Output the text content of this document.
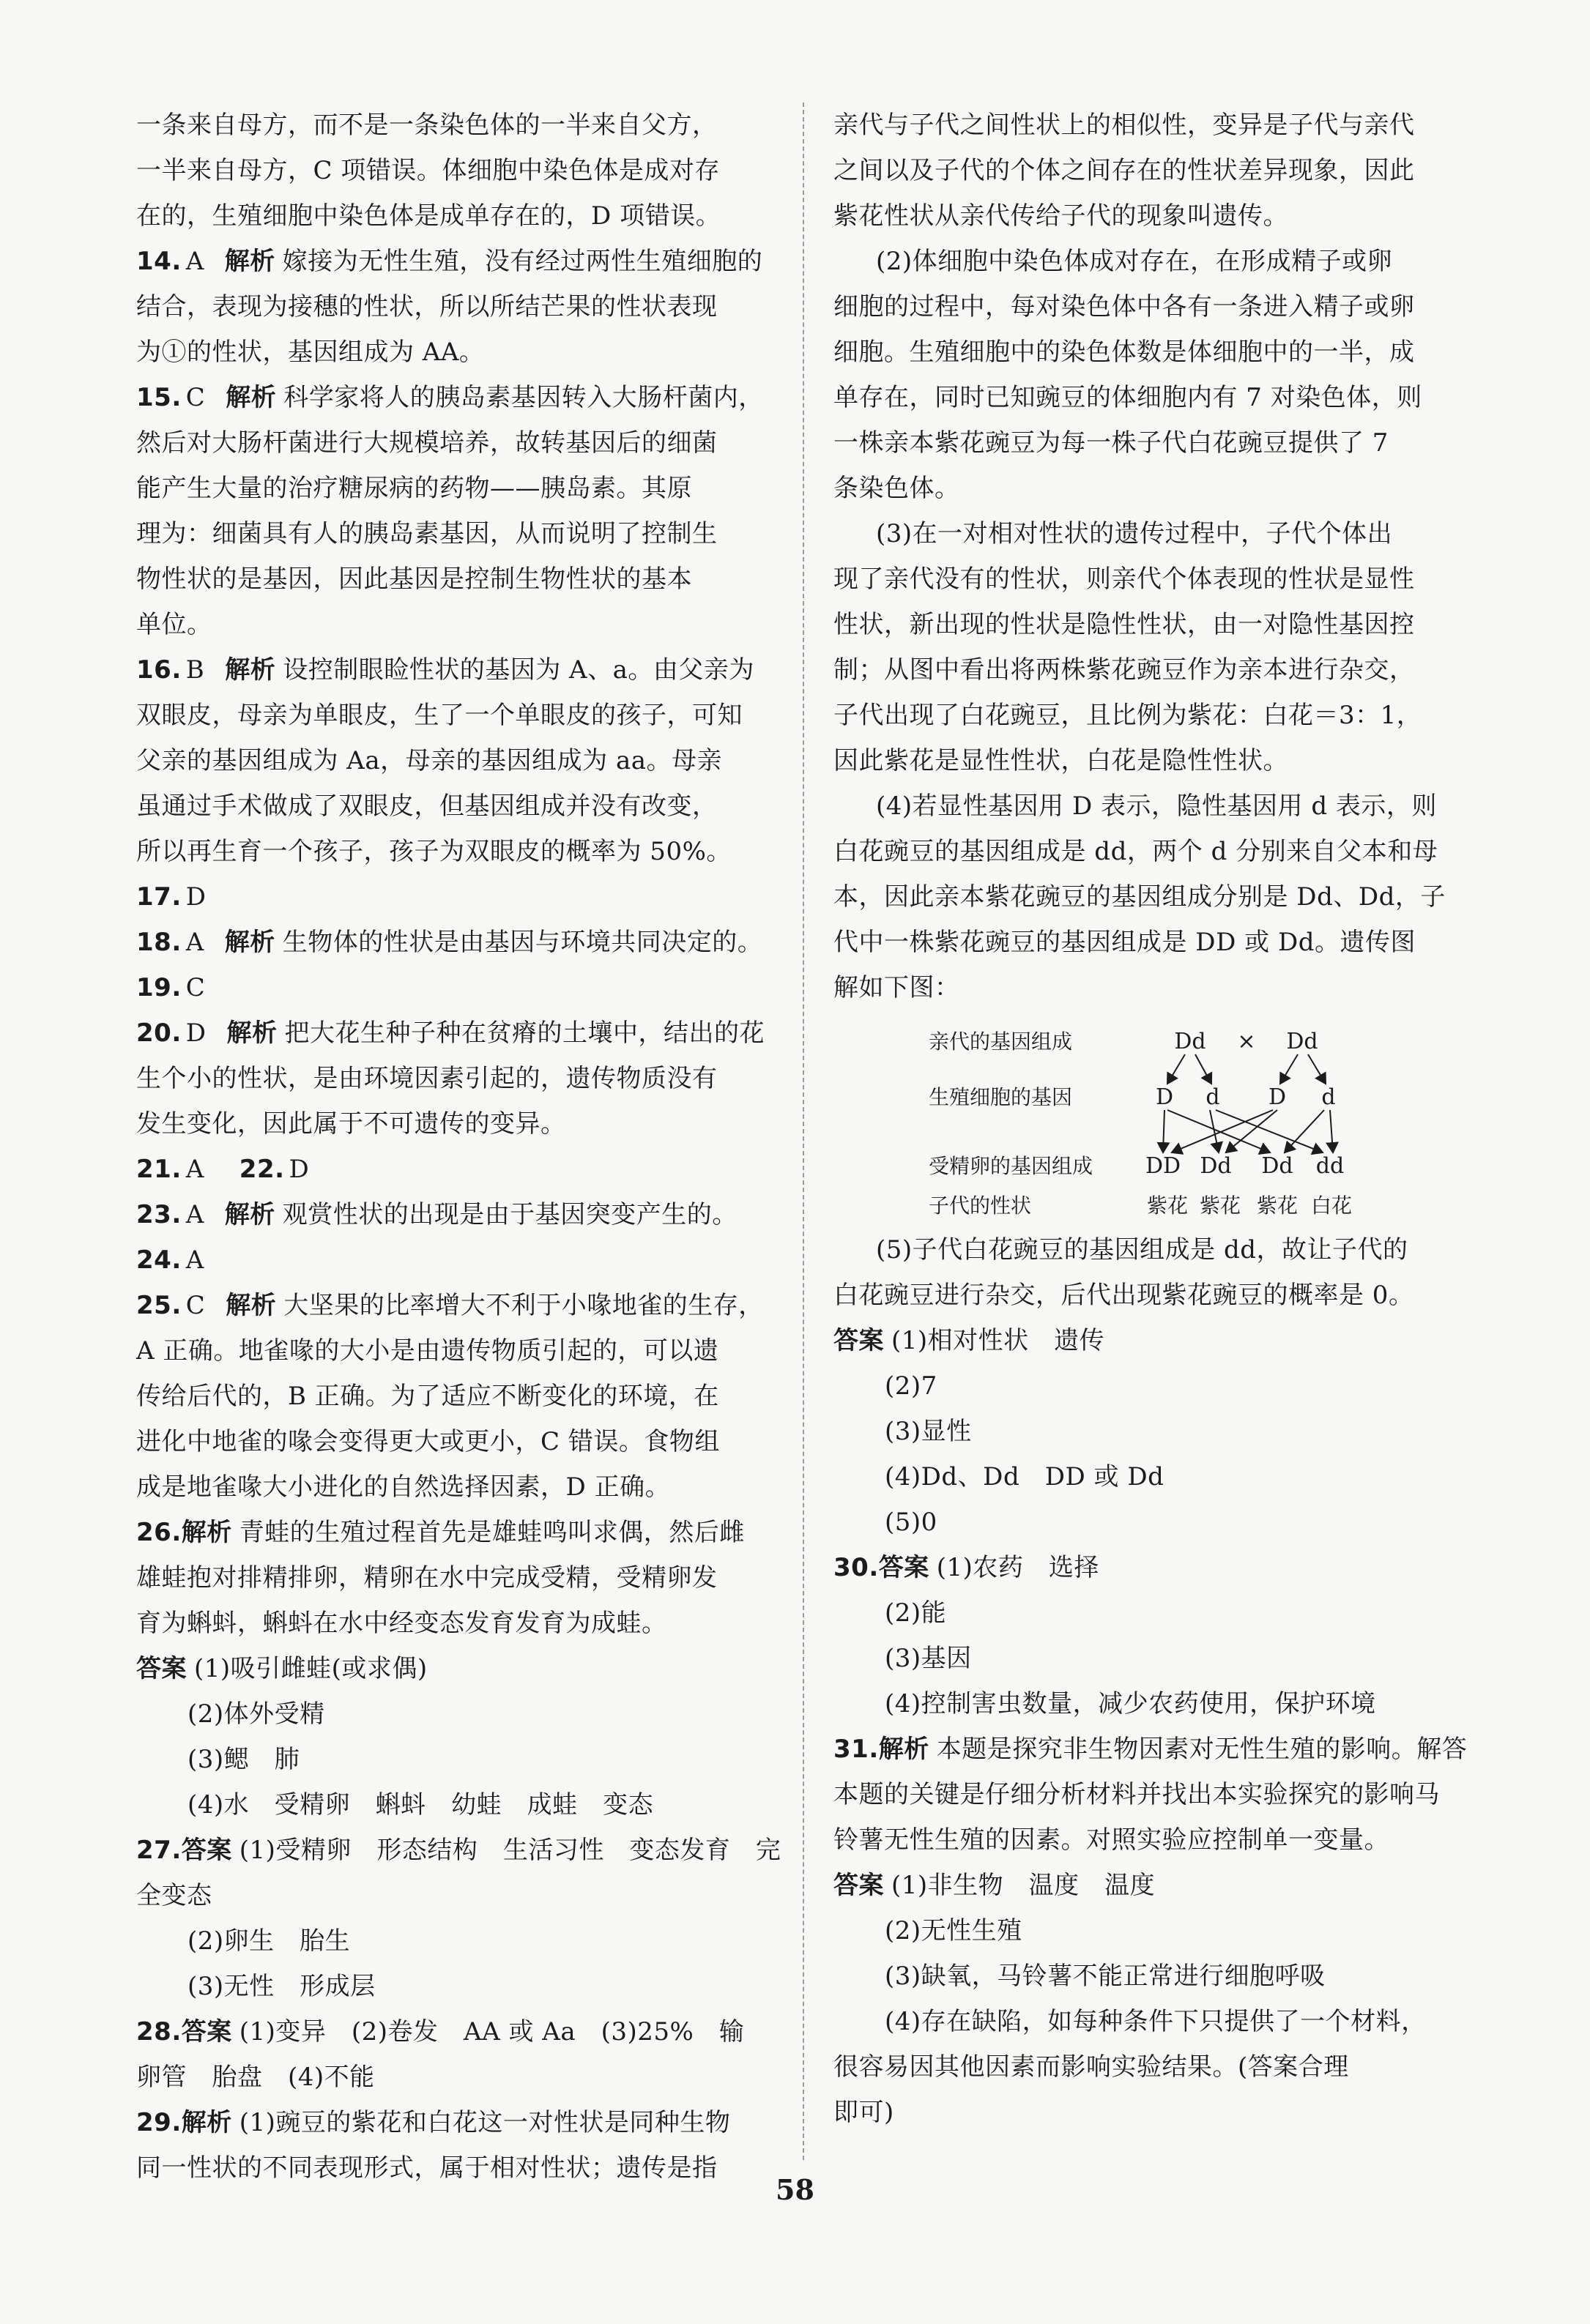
一条来自母方，而不是一条染色体的一半来自父方，
一半来自母方，C 项错误。体细胞中染色体是成对存
在的，生殖细胞中染色体是成单存在的，D 项错误。
14. A 解析 嫁接为无性生殖，没有经过两性生殖细胞的
结合，表现为接穗的性状，所以所结芒果的性状表现
为①的性状，基因组成为 AA。
15. C 解析 科学家将人的胰岛素基因转入大肠杆菌内，
然后对大肠杆菌进行大规模培养，故转基因后的细菌
能产生大量的治疗糖尿病的药物——胰岛素。其原
理为：细菌具有人的胰岛素基因，从而说明了控制生
物性状的是基因，因此基因是控制生物性状的基本
单位。
16. B 解析 设控制眼睑性状的基因为 A、a。由父亲为
双眼皮，母亲为单眼皮，生了一个单眼皮的孩子，可知
父亲的基因组成为 Aa，母亲的基因组成为 aa。母亲
虽通过手术做成了双眼皮，但基因组成并没有改变，
所以再生育一个孩子，孩子为双眼皮的概率为 50%。
17. D
18. A 解析 生物体的性状是由基因与环境共同决定的。
19. C
20. D 解析 把大花生种子种在贫瘠的土壤中，结出的花
生个小的性状，是由环境因素引起的，遗传物质没有
发生变化，因此属于不可遗传的变异。
21. A 22. D
23. A 解析 观赏性状的出现是由于基因突变产生的。
24. A
25. C 解析 大坚果的比率增大不利于小喙地雀的生存，
A 正确。地雀喙的大小是由遗传物质引起的，可以遗
传给后代的，B 正确。为了适应不断变化的环境，在
进化中地雀的喙会变得更大或更小，C 错误。食物组
成是地雀喙大小进化的自然选择因素，D 正确。
26.解析 青蛙的生殖过程首先是雄蛙鸣叫求偶，然后雌
雄蛙抱对排精排卵，精卵在水中完成受精，受精卵发
育为蝌蚪，蝌蚪在水中经变态发育发育为成蛙。
答案 (1)吸引雌蛙(或求偶)
(2)体外受精
(3)鳃　肺
(4)水　受精卵　蝌蚪　幼蛙　成蛙　变态
27.答案 (1)受精卵　形态结构　生活习性　变态发育　完
全变态
(2)卵生　胎生
(3)无性　形成层
28.答案 (1)变异　(2)卷发　AA 或 Aa　(3)25%　输
卵管　胎盘　(4)不能
29.解析 (1)豌豆的紫花和白花这一对性状是同种生物
同一性状的不同表现形式，属于相对性状；遗传是指
亲代与子代之间性状上的相似性，变异是子代与亲代
之间以及子代的个体之间存在的性状差异现象，因此
紫花性状从亲代传给子代的现象叫遗传。
(2)体细胞中染色体成对存在，在形成精子或卵
细胞的过程中，每对染色体中各有一条进入精子或卵
细胞。生殖细胞中的染色体数是体细胞中的一半，成
单存在，同时已知豌豆的体细胞内有 7 对染色体，则
一株亲本紫花豌豆为每一株子代白花豌豆提供了 7
条染色体。
(3)在一对相对性状的遗传过程中，子代个体出
现了亲代没有的性状，则亲代个体表现的性状是显性
性状，新出现的性状是隐性性状，由一对隐性基因控
制；从图中看出将两株紫花豌豆作为亲本进行杂交，
子代出现了白花豌豆，且比例为紫花：白花＝3：1，
因此紫花是显性性状，白花是隐性性状。
(4)若显性基因用 D 表示，隐性基因用 d 表示，则
白花豌豆的基因组成是 dd，两个 d 分别来自父本和母
本，因此亲本紫花豌豆的基因组成分别是 Dd、Dd，子
代中一株紫花豌豆的基因组成是 DD 或 Dd。遗传图
解如下图：
亲代的基因组成
生殖细胞的基因
受精卵的基因组成
子代的性状
Dd × Dd
D d D d
DD Dd Dd dd
紫花 紫花 紫花 白花
(5)子代白花豌豆的基因组成是 dd，故让子代的
白花豌豆进行杂交，后代出现紫花豌豆的概率是 0。
答案 (1)相对性状　遗传
(2)7
(3)显性
(4)Dd、Dd　DD 或 Dd
(5)0
30.答案 (1)农药　选择
(2)能
(3)基因
(4)控制害虫数量，减少农药使用，保护环境
31.解析 本题是探究非生物因素对无性生殖的影响。解答
本题的关键是仔细分析材料并找出本实验探究的影响马
铃薯无性生殖的因素。对照实验应控制单一变量。
答案 (1)非生物　温度　温度
(2)无性生殖
(3)缺氧，马铃薯不能正常进行细胞呼吸
(4)存在缺陷，如每种条件下只提供了一个材料，
很容易因其他因素而影响实验结果。(答案合理
即可)
58
